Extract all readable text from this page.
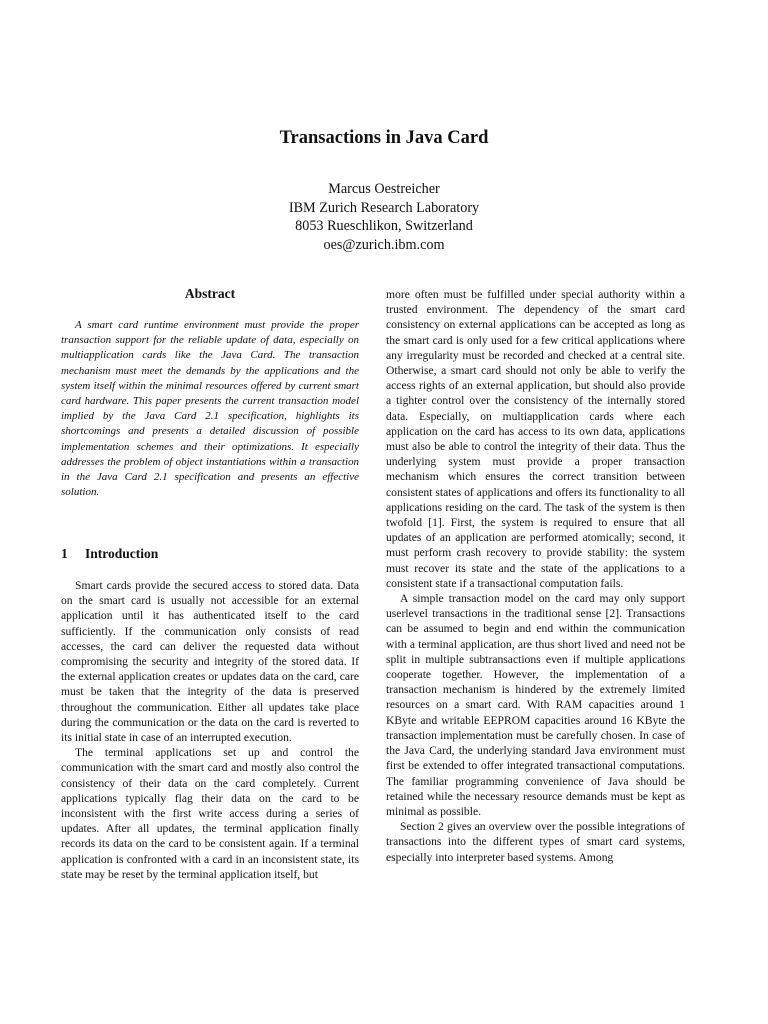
Transactions in Java Card
Marcus Oestreicher
IBM Zurich Research Laboratory
8053 Rueschlikon, Switzerland
oes@zurich.ibm.com
Abstract

A smart card runtime environment must provide the proper transaction support for the reliable update of data, especially on multiapplication cards like the Java Card. The transaction mechanism must meet the demands by the applications and the system itself within the minimal resources offered by current smart card hardware. This paper presents the current transaction model implied by the Java Card 2.1 specification, highlights its shortcomings and presents a detailed discussion of possible implementation schemes and their optimizations. It especially addresses the problem of object instantiations within a transaction in the Java Card 2.1 specification and presents an effective solution.

1 Introduction

Smart cards provide the secured access to stored data. Data on the smart card is usually not accessible for an external application until it has authenticated itself to the card sufficiently. If the communication only consists of read accesses, the card can deliver the requested data without compromising the security and integrity of the stored data. If the external application creates or updates data on the card, care must be taken that the integrity of the data is preserved throughout the communication. Either all updates take place during the communication or the data on the card is reverted to its initial state in case of an interrupted execution.

The terminal applications set up and control the communication with the smart card and mostly also control the consistency of their data on the card completely. Current applications typically flag their data on the card to be inconsistent with the first write access during a series of updates. After all updates, the terminal application finally records its data on the card to be consistent again. If a terminal application is confronted with a card in an inconsistent state, its state may be reset by the terminal application itself, but

more often must be fulfilled under special authority within a trusted environment. The dependency of the smart card consistency on external applications can be accepted as long as the smart card is only used for a few critical applications where any irregularity must be recorded and checked at a central site. Otherwise, a smart card should not only be able to verify the access rights of an external application, but should also provide a tighter control over the consistency of the internally stored data. Especially, on multiapplication cards where each application on the card has access to its own data, applications must also be able to control the integrity of their data. Thus the underlying system must provide a proper transaction mechanism which ensures the correct transition between consistent states of applications and offers its functionality to all applications residing on the card. The task of the system is then twofold [1]. First, the system is required to ensure that all updates of an application are performed atomically; second, it must perform crash recovery to provide stability: the system must recover its state and the state of the applications to a consistent state if a transactional computation fails.

A simple transaction model on the card may only support userlevel transactions in the traditional sense [2]. Transactions can be assumed to begin and end within the communication with a terminal application, are thus short lived and need not be split in multiple subtransactions even if multiple applications cooperate together. However, the implementation of a transaction mechanism is hindered by the extremely limited resources on a smart card. With RAM capacities around 1 KByte and writable EEPROM capacities around 16 KByte the transaction implementation must be carefully chosen. In case of the Java Card, the underlying standard Java environment must first be extended to offer integrated transactional computations. The familiar programming convenience of Java should be retained while the necessary resource demands must be kept as minimal as possible.

Section 2 gives an overview over the possible integrations of transactions into the different types of smart card systems, especially into interpreter based systems. Among
